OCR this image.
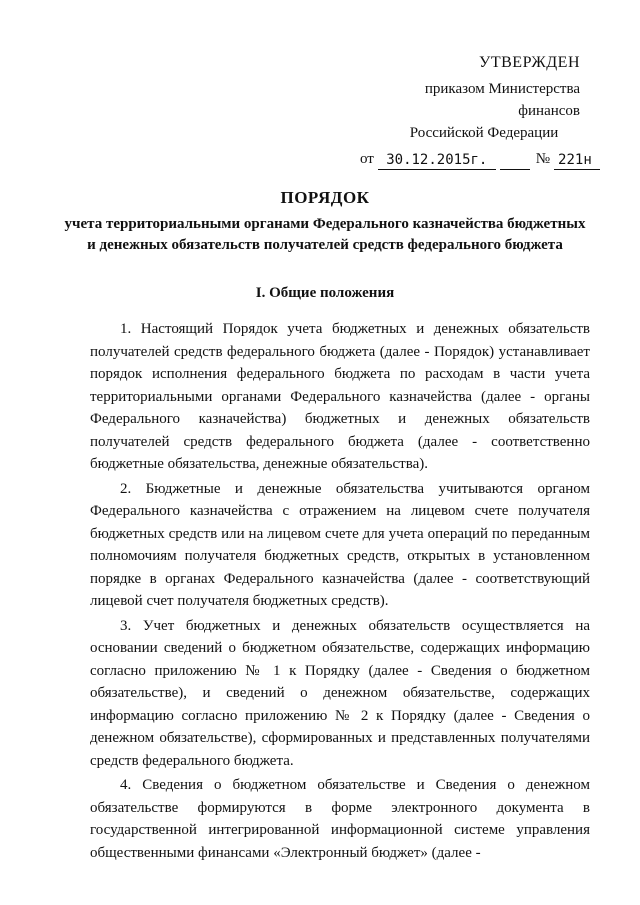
УТВЕРЖДЕН
приказом Министерства финансов
Российской Федерации
от 30.12.2015г.	№ 221н
ПОРЯДОК
учета территориальными органами Федерального казначейства бюджетных и денежных обязательств получателей средств федерального бюджета
I. Общие положения

1. Настоящий Порядок учета бюджетных и денежных обязательств получателей средств федерального бюджета (далее - Порядок) устанавливает порядок исполнения федерального бюджета по расходам в части учета территориальными органами Федерального казначейства (далее - органы Федерального казначейства) бюджетных и денежных обязательств получателей средств федерального бюджета (далее - соответственно бюджетные обязательства, денежные обязательства).

2. Бюджетные и денежные обязательства учитываются органом Федерального казначейства с отражением на лицевом счете получателя бюджетных средств или на лицевом счете для учета операций по переданным полномочиям получателя бюджетных средств, открытых в установленном порядке в органах Федерального казначейства (далее - соответствующий лицевой счет получателя бюджетных средств).

3. Учет бюджетных и денежных обязательств осуществляется на основании сведений о бюджетном обязательстве, содержащих информацию согласно приложению № 1 к Порядку (далее - Сведения о бюджетном обязательстве), и сведений о денежном обязательстве, содержащих информацию согласно приложению № 2 к Порядку (далее - Сведения о денежном обязательстве), сформированных и представленных получателями средств федерального бюджета.

4. Сведения о бюджетном обязательстве и Сведения о денежном обязательстве формируются в форме электронного документа в государственной интегрированной информационной системе управления общественными финансами «Электронный бюджет» (далее -
